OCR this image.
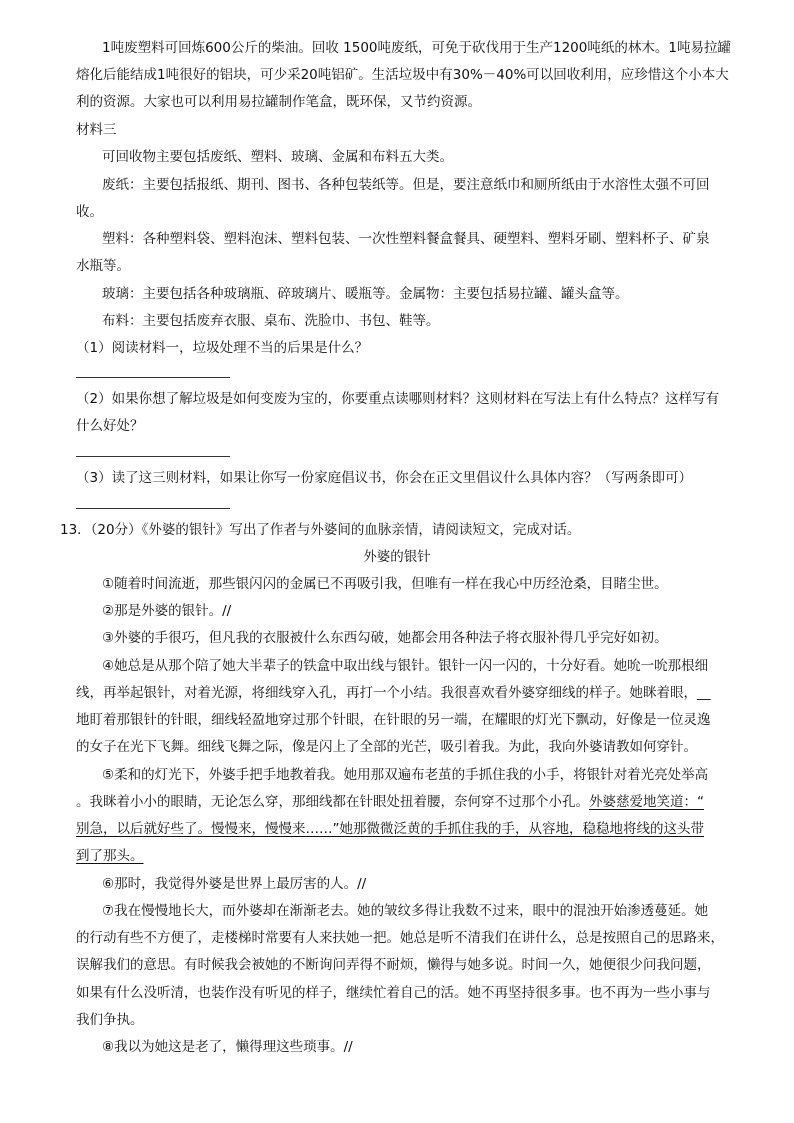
1吨废塑料可回炼600公斤的柴油。回收 1500吨废纸，可免于砍伐用于生产1200吨纸的林木。1吨易拉罐
熔化后能结成1吨很好的铝块，可少采20吨铝矿。生活垃圾中有30%－40%可以回收利用，应珍惜这个小本大
利的资源。大家也可以利用易拉罐制作笔盒，既环保，又节约资源。
材料三
可回收物主要包括废纸、塑料、玻璃、金属和布料五大类。
废纸：主要包括报纸、期刊、图书、各种包装纸等。但是，要注意纸巾和厕所纸由于水溶性太强不可回
收。
塑料：各种塑料袋、塑料泡沫、塑料包装、一次性塑料餐盒餐具、硬塑料、塑料牙刷、塑料杯子、矿泉
水瓶等。
玻璃：主要包括各种玻璃瓶、碎玻璃片、暖瓶等。金属物：主要包括易拉罐、罐头盒等。
布料：主要包括废弃衣服、桌布、洗脸巾、书包、鞋等。
（1）阅读材料一，垃圾处理不当的后果是什么？
（2）如果你想了解垃圾是如何变废为宝的，你要重点读哪则材料？这则材料在写法上有什么特点？这样写有
什么好处？
（3）读了这三则材料，如果让你写一份家庭倡议书，你会在正文里倡议什么具体内容？（写两条即可）
13．（20分）《外婆的银针》写出了作者与外婆间的血脉亲情，请阅读短文，完成对话。
外婆的银针
①随着时间流逝，那些银闪闪的金属已不再吸引我，但唯有一样在我心中历经沧桑，目睹尘世。
②那是外婆的银针。//
③外婆的手很巧，但凡我的衣服被什么东西勾破，她都会用各种法子将衣服补得几乎完好如初。
④她总是从那个陪了她大半辈子的铁盒中取出线与银针。银针一闪一闪的，十分好看。她吮一吮那根细
线，再举起银针，对着光源，将细线穿入孔，再打一个小结。我很喜欢看外婆穿细线的样子。她眯着眼，__
地盯着那银针的针眼，细线轻盈地穿过那个针眼，在针眼的另一端，在耀眼的灯光下飘动，好像是一位灵逸
的女子在光下飞舞。细线飞舞之际，像是闪上了全部的光芒，吸引着我。为此，我向外婆请教如何穿针。
⑤柔和的灯光下，外婆手把手地教着我。她用那双遍布老茧的手抓住我的小手，将银针对着光亮处举高
。我眯着小小的眼睛，无论怎么穿，那细线都在针眼处扭着腰，奈何穿不过那个小孔。外婆慈爱地笑道：“
别急，以后就好些了。慢慢来，慢慢来……”她那微微泛黄的手抓住我的手，从容地，稳稳地将线的这头带
到了那头。
⑥那时，我觉得外婆是世界上最厉害的人。//
⑦我在慢慢地长大，而外婆却在渐渐老去。她的皱纹多得让我数不过来，眼中的混浊开始渗透蔓延。她
的行动有些不方便了，走楼梯时常要有人来扶她一把。她总是听不清我们在讲什么，总是按照自己的思路来，
误解我们的意思。有时候我会被她的不断询问弄得不耐烦，懒得与她多说。时间一久，她便很少问我问题，
如果有什么没听清，也装作没有听见的样子，继续忙着自己的活。她不再坚持很多事。也不再为一些小事与
我们争执。
⑧我以为她这是老了，懒得理这些琐事。//
